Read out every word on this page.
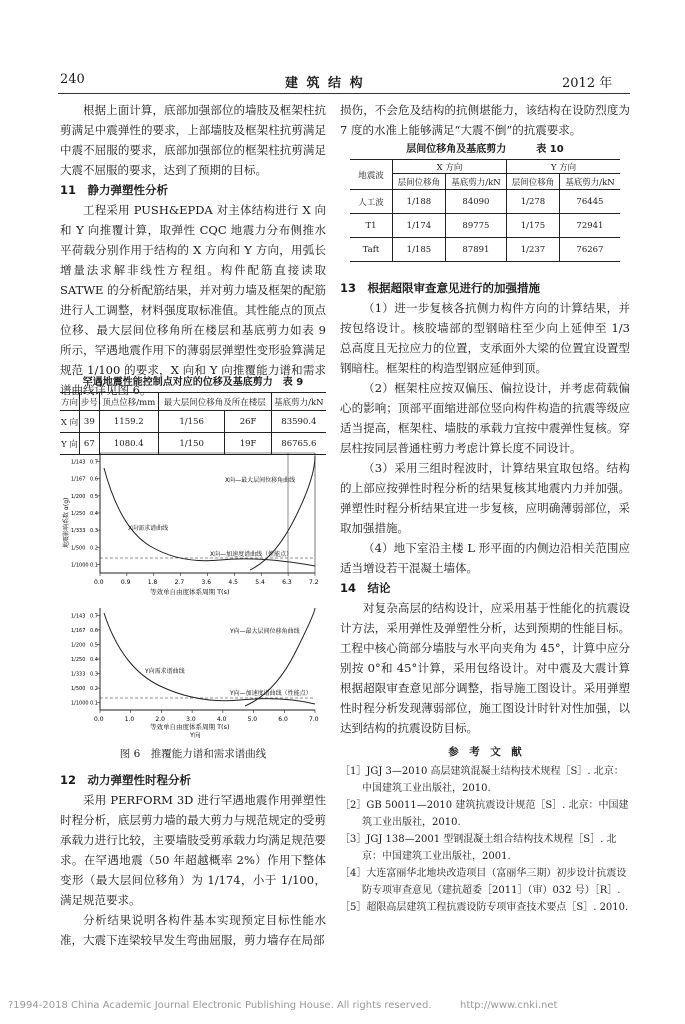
240	建 筑 结 构	2012 年

根据上面计算，底部加强部位的墙肢及框架柱抗剪满足中震弹性的要求，上部墙肢及框架柱抗剪满足中震不屈服的要求，底部加强部位的框架柱抗剪满足大震不屈服的要求，达到了预期的目标。

11　静力弹塑性分析

工程采用 PUSH&EPDA 对主体结构进行 X 向和 Y 向推覆计算，取弹性 CQC 地震力分布侧推水平荷载分别作用于结构的 X 方向和 Y 方向，用弧长增量法求解非线性方程组。构件配筋直接读取 SATWE 的分析配筋结果，并对剪力墙及框架的配筋进行人工调整，材料强度取标准值。其性能点的顶点位移、最大层间位移角所在楼层和基底剪力如表 9 所示，罕遇地震作用下的薄弱层弹塑性变形验算满足规范 1/100 的要求，X 向和 Y 向推覆能力谱和需求谱曲线详见图 6。

罕遇地震性能控制点对应的位移及基底剪力　表 9
方向	步号	顶点位移/mm	最大层间位移角及所在楼层		基底剪力/kN
X 向	39	1159.2	1/156	26F	83590.4
Y 向	67	1080.4	1/150	19F	86765.6
1/143 0.7
1/167 0.6
1/200 0.5
1/250 0.4
1/333 0.3
1/500 0.2
1/1000 0.1
0.0	0.9	1.8	2.7	3.6	4.5	5.4	6.3	7.2
X向—最大层间位移角曲线
X向需求谱曲线
X向—加速度谱曲线（性能点）
地震影响系数 α(g)
等效单自由度体系周期 T(s)
1/143 0.7
1/167 0.6
1/200 0.5
1/250 0.4
1/333 0.3
1/500 0.2
1/1000 0.1
0.0	1.0	2.0	3.0	4.0	5.0	6.0	7.0
Y向—最大层间位移角曲线
Y向需求谱曲线
Y向—加速度谱曲线（性能点）
等效单自由度体系周期 T(s)
Y向
图 6　推覆能力谱和需求谱曲线

12　动力弹塑性时程分析

采用 PERFORM 3D 进行罕遇地震作用弹塑性时程分析，底层剪力墙的最大剪力与规范规定的受剪承载力进行比较，主要墙肢受剪承载力均满足规范要求。在罕遇地震（50 年超越概率 2%）作用下整体变形（最大层间位移角）为 1/174，小于 1/100，满足规范要求。

分析结果说明各构件基本实现预定目标性能水准，大震下连梁较早发生弯曲屈服，剪力墙存在局部

损伤，不会危及结构的抗侧堪能力，该结构在设防烈度为 7 度的水准上能够满足“大震不倒”的抗震要求。

层间位移角及基底剪力　　　表 10
地震波	X 方向		Y 方向	
	层间位移角	基底剪力/kN	层间位移角	基底剪力/kN
人工波	1/188	84090	1/278	76445
T1	1/174	89775	1/175	72941
Taft	1/185	87891	1/237	76267

13　根据超限审查意见进行的加强措施

（1）进一步复核各抗侧力构件方向的计算结果，并按包络设计。核胶墙部的型钢暗柱至少向上延伸至 1/3 总高度且无拉应力的位置，支承面外大梁的位置宜设置型钢暗柱。框架柱的构造型钢应延伸到顶。

（2）框架柱应按双偏压、偏拉设计，并考虑荷载偏心的影响；顶部平面缩进部位竖向构件构造的抗震等级应适当提高，框架柱、墙肢的承载力宜按中震弹性复核。穿层柱按同层普通柱剪力考虑计算长度不同设计。

（3）采用三组时程波时，计算结果宜取包络。结构的上部应按弹性时程分析的结果复核其地震内力并加强。弹塑性时程分析结果宜进一步复核，应明确薄弱部位，采取加强措施。

（4）地下室沿主楼 L 形平面的内侧边沿相关范围应适当增设若干混凝土墙体。

14　结论

对复杂高层的结构设计，应采用基于性能化的抗震设计方法，采用弹性及弹塑性分析，达到预期的性能目标。工程中核心筒部分墙肢与水平向夹角为 45°，计算中应分别按 0°和 45°计算，采用包络设计。对中震及大震计算根据超限审查意见部分调整，指导施工图设计。采用弹塑性时程分析发现薄弱部位，施工图设计时针对性加强，以达到结构的抗震设防目标。

参　考　文　献

［1］JGJ 3—2010 高层建筑混凝土结构技术规程［S］. 北京：中国建筑工业出版社，2010.

［2］GB 50011—2010 建筑抗震设计规范［S］. 北京：中国建筑工业出版社，2010.

［3］JGJ 138—2001 型钢混凝土组合结构技术规程［S］. 北京：中国建筑工业出版社，2001.

［4］大连富丽华北地块改造项目（富丽华三期）初步设计抗震设防专项审查意见（建抗超委［2011］（审）032 号）［R］.

［5］超限高层建筑工程抗震设防专项审查技术要点［S］. 2010.

?1994-2018 China Academic Journal Electronic Publishing House. All rights reserved.	http://www.cnki.net
